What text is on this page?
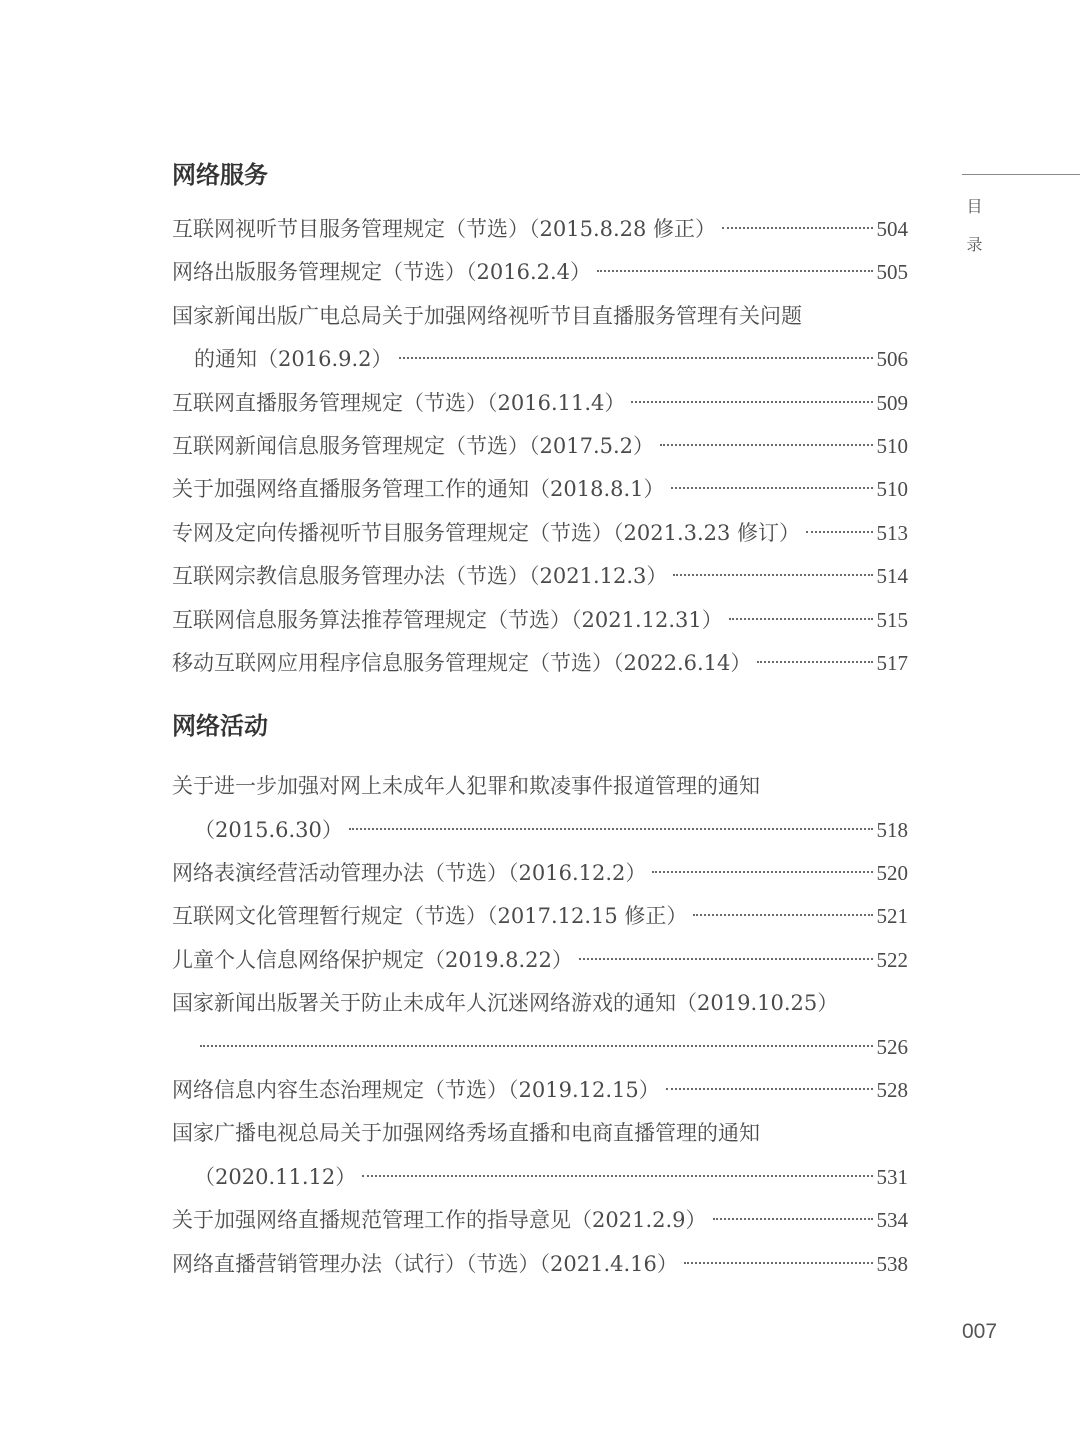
目录
网络服务
互联网视听节目服务管理规定（节选）（2015.8.28 修正）	504
网络出版服务管理规定（节选）（2016.2.4）	505
国家新闻出版广电总局关于加强网络视听节目直播服务管理有关问题
的通知（2016.9.2）	506
互联网直播服务管理规定（节选）（2016.11.4）	509
互联网新闻信息服务管理规定（节选）（2017.5.2）	510
关于加强网络直播服务管理工作的通知（2018.8.1）	510
专网及定向传播视听节目服务管理规定（节选）（2021.3.23 修订）	513
互联网宗教信息服务管理办法（节选）（2021.12.3）	514
互联网信息服务算法推荐管理规定（节选）（2021.12.31）	515
移动互联网应用程序信息服务管理规定（节选）（2022.6.14）	517
网络活动
关于进一步加强对网上未成年人犯罪和欺凌事件报道管理的通知
（2015.6.30）	518
网络表演经营活动管理办法（节选）（2016.12.2）	520
互联网文化管理暂行规定（节选）（2017.12.15 修正）	521
儿童个人信息网络保护规定（2019.8.22）	522
国家新闻出版署关于防止未成年人沉迷网络游戏的通知（2019.10.25）
526
网络信息内容生态治理规定（节选）（2019.12.15）	528
国家广播电视总局关于加强网络秀场直播和电商直播管理的通知
（2020.11.12）	531
关于加强网络直播规范管理工作的指导意见（2021.2.9）	534
网络直播营销管理办法（试行）（节选）（2021.4.16）	538
007
